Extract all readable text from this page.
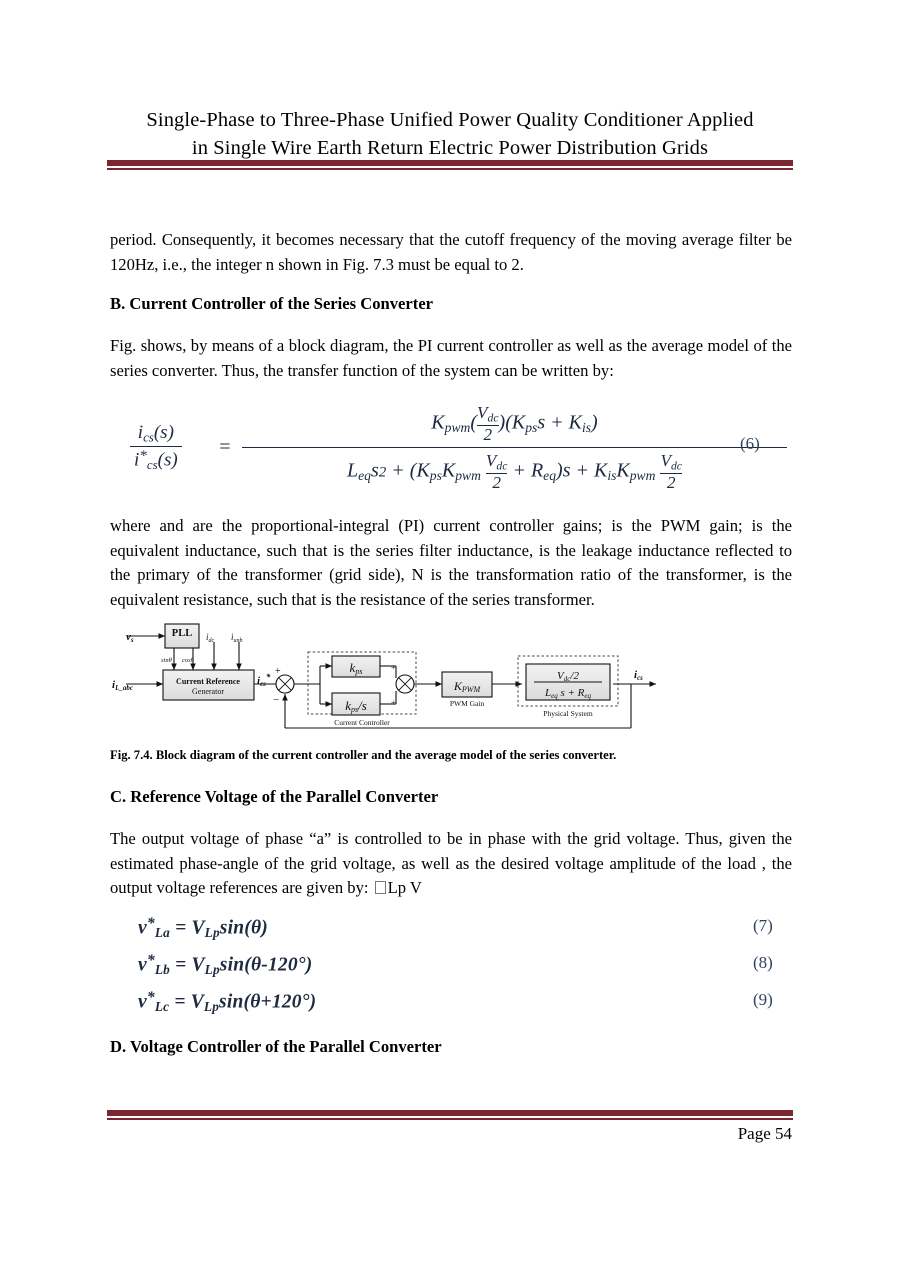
Single-Phase to Three-Phase Unified Power Quality Conditioner Applied
in Single Wire Earth Return Electric Power Distribution Grids
period. Consequently, it becomes necessary that the cutoff frequency of the moving average filter be 120Hz, i.e., the integer n shown in Fig. 7.3 must be equal to 2.
B. Current Controller of the Series Converter
Fig. shows, by means of a block diagram, the PI current controller as well as the average model of the series converter. Thus, the transfer function of the system can be written by:
$\frac{i_{cs}(s)}{i^*_{cs}(s)}$ =
$K_{pwm}$( $V_{dc}$
2
)$(K_{ps}s + K_{is})$
$L_{eq}s2 + (K_{ps}K_{pwm}$
$V_{dc}$
2
+ $R_{eq})s + K_{is}K_{pwm}$
$V_{dc}$
2
(6)
where and are the proportional-integral (PI) current controller gains; is the PWM gain; is the equivalent inductance, such that is the series filter inductance, is the leakage inductance reflected to the primary of the transformer (grid side), N is the transformation ratio of the transformer, is the equivalent resistance, such that is the resistance of the series transformer.
vs
iL_abc
$i_{dc}$ $i_{unb}$
PLL
sinθ cosθ
Current Reference
Generator
ics* +
−
kps
kps/s
+
+
Current Controller
KPWM
PWM Gain
Vdc/2
Leq s + Req
Physical System
ics
Fig. 7.4. Block diagram of the current controller and the average model of the series converter.
C. Reference Voltage of the Parallel Converter
The output voltage of phase “a” is controlled to be in phase with the grid voltage. Thus, given the estimated phase-angle of the grid voltage, as well as the desired voltage amplitude of the load , the output voltage references are given by: Lp V
$v^*_{La} = V_{Lp}\sin(\theta)$	(7)
$v^*_{Lb} = V_{Lp}\sin(\theta-120^\circ)$	(8)
$v^*_{Lc} = V_{Lp}\sin(\theta+120^\circ)$	(9)
D. Voltage Controller of the Parallel Converter
Page 54
